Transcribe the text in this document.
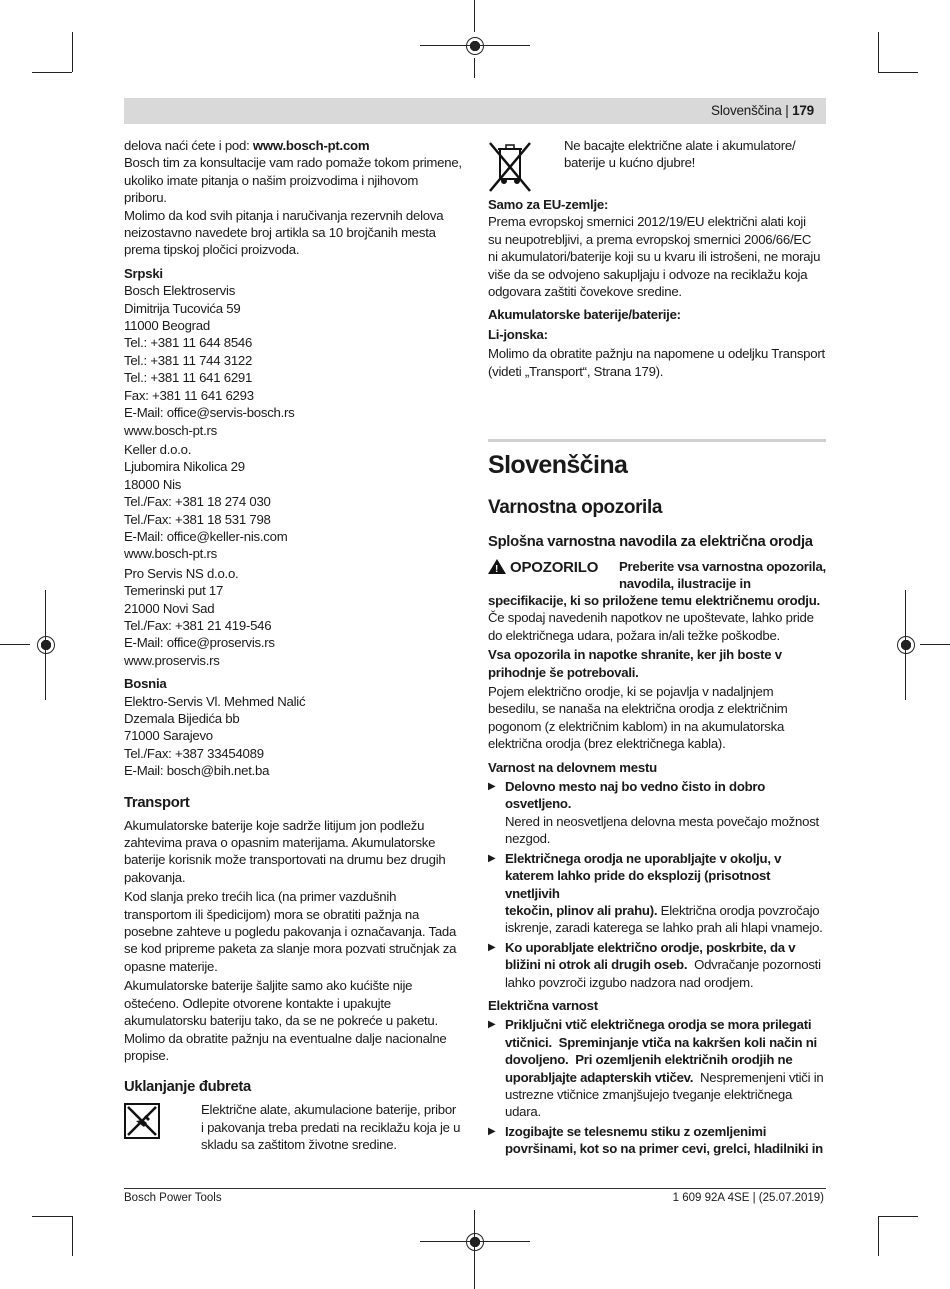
Slovenščina | 179

delova naći ćete i pod: www.bosch-pt.com

Bosch tim za konsultacije vam rado pomaže tokom primene,

ukoliko imate pitanja o našim proizvodima i njihovom

priboru.

Molimo da kod svih pitanja i naručivanja rezervnih delova

neizostavno navedete broj artikla sa 10 brojčanih mesta

prema tipskoj pločici proizvoda.

Srpski

Bosch Elektroservis

Dimitrija Tucovića 59

11000 Beograd

Tel.: +381 11 644 8546

Tel.: +381 11 744 3122

Tel.: +381 11 641 6291

Fax: +381 11 641 6293

E-Mail: office@servis-bosch.rs

www.bosch-pt.rs

Keller d.o.o.

Ljubomira Nikolica 29

18000 Nis

Tel./Fax: +381 18 274 030

Tel./Fax: +381 18 531 798

E-Mail: office@keller-nis.com

www.bosch-pt.rs

Pro Servis NS d.o.o.

Temerinski put 17

21000 Novi Sad

Tel./Fax: +381 21 419-546

E-Mail: office@proservis.rs

www.proservis.rs

Bosnia

Elektro-Servis Vl. Mehmed Nalić

Dzemala Bijedića bb

71000 Sarajevo

Tel./Fax: +387 33454089

E-Mail: bosch@bih.net.ba

Transport

Akumulatorske baterije koje sadrže litijum jon podležu

zahtevima prava o opasnim materijama. Akumulatorske

baterije korisnik može transportovati na drumu bez drugih

pakovanja.

Kod slanja preko trećih lica (na primer vazdušnih

transportom ili špedicijom) mora se obratiti pažnja na

posebne zahteve u pogledu pakovanja i označavanja. Tada

se kod pripreme paketa za slanje mora pozvati stručnjak za

opasne materije.

Akumulatorske baterije šaljite samo ako kućište nije

oštećeno. Odlepite otvorene kontakte i upakujte

akumulatorsku bateriju tako, da se ne pokreće u paketu.

Molimo da obratite pažnju na eventualne dalje nacionalne

propise.

Uklanjanje đubreta

Električne alate, akumulacione baterije, pribor

i pakovanja treba predati na reciklažu koja je u

skladu sa zaštitom životne sredine.

Ne bacajte električne alate i akumulatore/

baterije u kućno djubre!

Samo za EU-zemlje:

Prema evropskoj smernici 2012/19/EU električni alati koji

su neupotrebljivi, a prema evropskoj smernici 2006/66/EC

ni akumulatori/baterije koji su u kvaru ili istrošeni, ne moraju

više da se odvojeno sakupljaju i odvoze na reciklažu koja

odgovara zaštiti čovekove sredine.

Akumulatorske baterije/baterije:
Li-jonska:

Molimo da obratite pažnju na napomene u odeljku Transport

(videti „Transport“, Strana 179).

Slovenščina
Varnostna opozorila
Splošna varnostna navodila za električna orodja
! OPOZORILO Preberite vsa varnostna opozorila,

navodila, ilustracije in

specifikacije, ki so priložene temu električnemu orodju.

Če spodaj navedenih napotkov ne upoštevate, lahko pride

do električnega udara, požara in/ali težke poškodbe.

Vsa opozorila in napotke shranite, ker jih boste v

prihodnje še potrebovali.

Pojem električno orodje, ki se pojavlja v nadaljnjem

besedilu, se nanaša na električna orodja z električnim

pogonom (z električnim kablom) in na akumulatorska

električna orodja (brez električnega kabla).

Varnost na delovnem mestu

▶ Delovno mesto naj bo vedno čisto in dobro osvetljeno.

Nered in neosvetljena delovna mesta povečajo možnost

nezgod.

▶ Električnega orodja ne uporabljajte v okolju, v

katerem lahko pride do eksplozij (prisotnost vnetljivih

tekočin, plinov ali prahu). Električna orodja povzročajo

iskrenje, zaradi katerega se lahko prah ali hlapi vnamejo.

▶ Ko uporabljate električno orodje, poskrbite, da v

bližini ni otrok ali drugih oseb.  Odvračanje pozornosti

lahko povzroči izgubo nadzora nad orodjem.

Električna varnost

▶ Priključni vtič električnega orodja se mora prilegati

vtičnici.  Spreminjanje vtiča na kakršen koli način ni

dovoljeno.  Pri ozemljenih električnih orodjih ne

uporabljajte adapterskih vtičev.  Nespremenjeni vtiči in

ustrezne vtičnice zmanjšujejo tveganje električnega

udara.

▶ Izogibajte se telesnemu stiku z ozemljenimi

površinami, kot so na primer cevi, grelci, hladilniki in

Bosch Power Tools	1 609 92A 4SE | (25.07.2019)
